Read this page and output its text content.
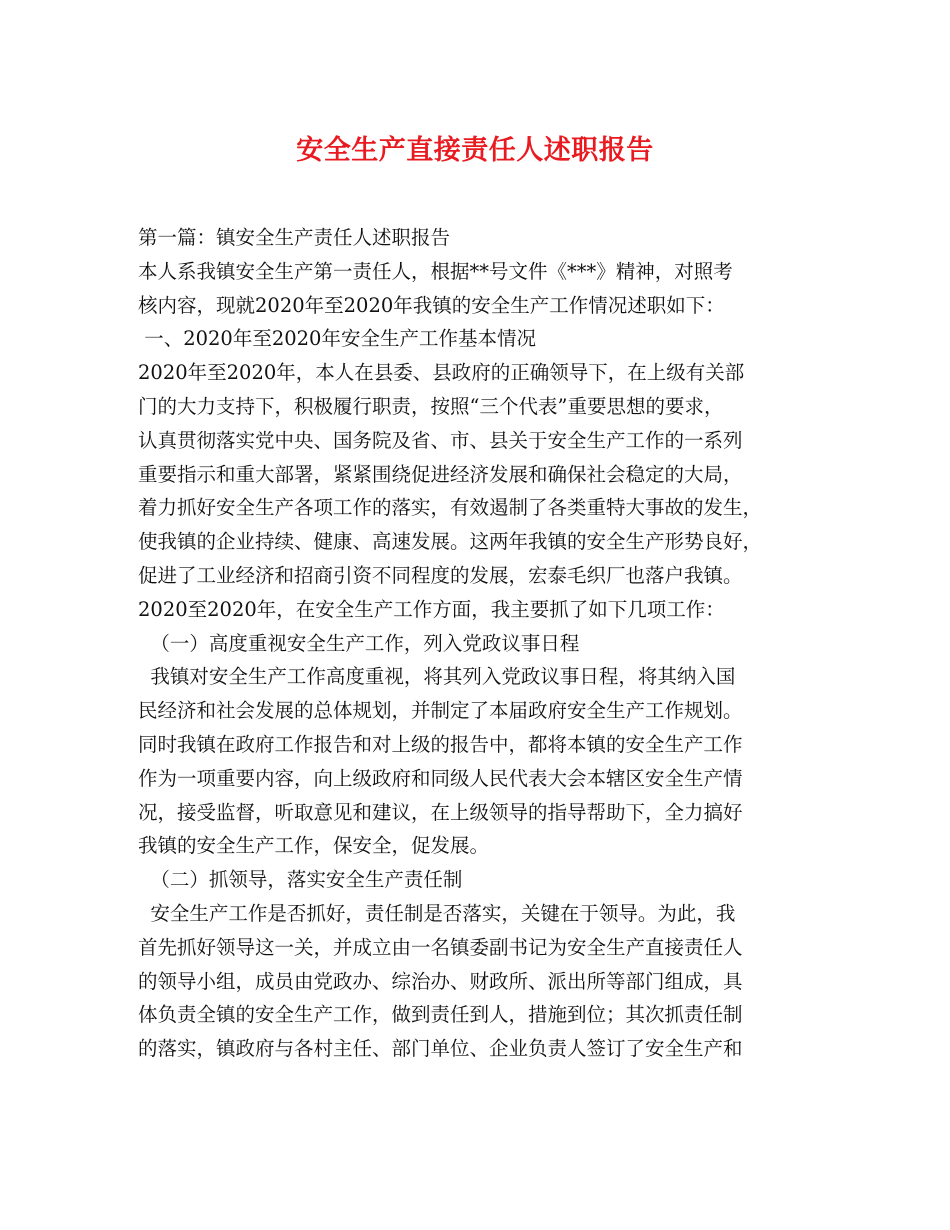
安全生产直接责任人述职报告

第一篇：镇安全生产责任人述职报告

本人系我镇安全生产第一责任人，根据**号文件《***》精神，对照考

核内容，现就2020年至2020年我镇的安全生产工作情况述职如下：

一、2020年至2020年安全生产工作基本情况

2020年至2020年，本人在县委、县政府的正确领导下，在上级有关部

门的大力支持下，积极履行职责，按照“三个代表”重要思想的要求，

认真贯彻落实党中央、国务院及省、市、县关于安全生产工作的一系列

重要指示和重大部署，紧紧围绕促进经济发展和确保社会稳定的大局，

着力抓好安全生产各项工作的落实，有效遏制了各类重特大事故的发生，

使我镇的企业持续、健康、高速发展。这两年我镇的安全生产形势良好，

促进了工业经济和招商引资不同程度的发展，宏泰毛织厂也落户我镇。

2020至2020年，在安全生产工作方面，我主要抓了如下几项工作：

（一）高度重视安全生产工作，列入党政议事日程

我镇对安全生产工作高度重视，将其列入党政议事日程，将其纳入国

民经济和社会发展的总体规划，并制定了本届政府安全生产工作规划。

同时我镇在政府工作报告和对上级的报告中，都将本镇的安全生产工作

作为一项重要内容，向上级政府和同级人民代表大会本辖区安全生产情

况，接受监督，听取意见和建议，在上级领导的指导帮助下，全力搞好

我镇的安全生产工作，保安全，促发展。

（二）抓领导，落实安全生产责任制

安全生产工作是否抓好，责任制是否落实，关键在于领导。为此，我

首先抓好领导这一关，并成立由一名镇委副书记为安全生产直接责任人

的领导小组，成员由党政办、综治办、财政所、派出所等部门组成，具

体负责全镇的安全生产工作，做到责任到人，措施到位；其次抓责任制

的落实，镇政府与各村主任、部门单位、企业负责人签订了安全生产和
